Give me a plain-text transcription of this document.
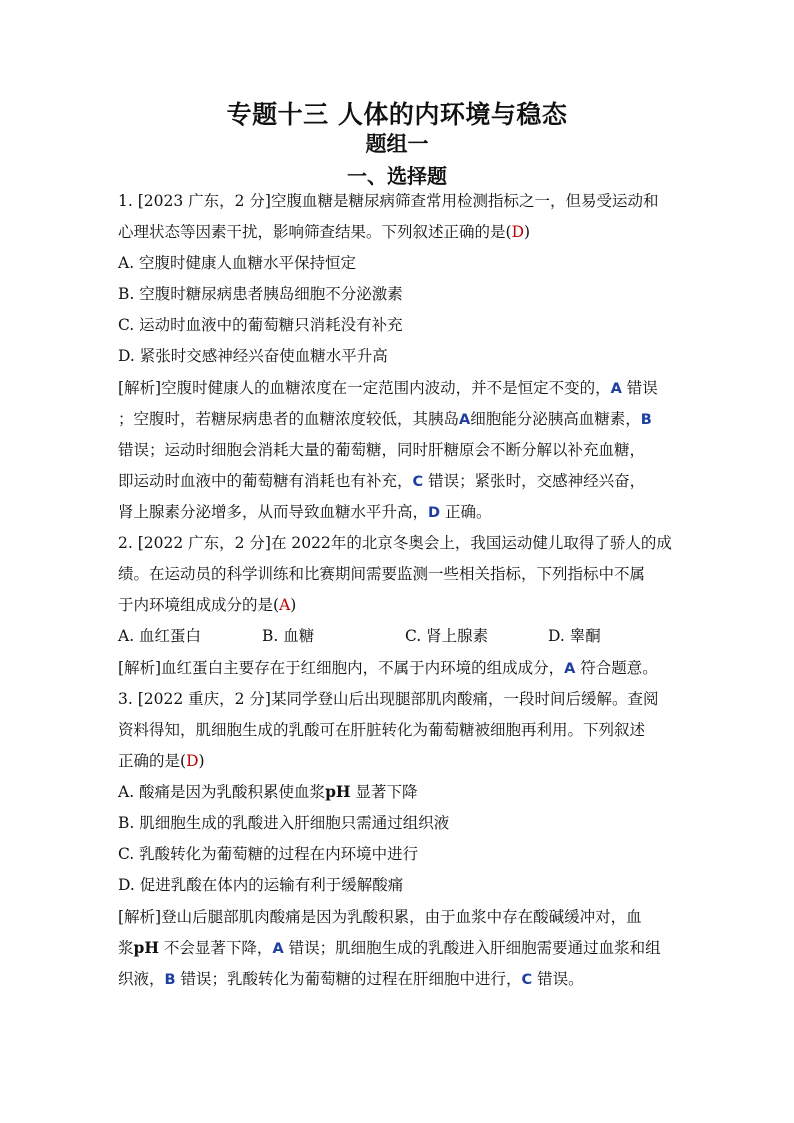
专题十三 人体的内环境与稳态
题组一
一、选择题
1. [2023 广东，2 分]空腹血糖是糖尿病筛查常用检测指标之一，但易受运动和
心理状态等因素干扰，影响筛查结果。下列叙述正确的是(D)
A. 空腹时健康人血糖水平保持恒定
B. 空腹时糖尿病患者胰岛细胞不分泌激素
C. 运动时血液中的葡萄糖只消耗没有补充
D. 紧张时交感神经兴奋使血糖水平升高
[解析]空腹时健康人的血糖浓度在一定范围内波动，并不是恒定不变的，A 错误
；空腹时，若糖尿病患者的血糖浓度较低，其胰岛A细胞能分泌胰高血糖素，B
错误；运动时细胞会消耗大量的葡萄糖，同时肝糖原会不断分解以补充血糖，
即运动时血液中的葡萄糖有消耗也有补充，C 错误；紧张时，交感神经兴奋，
肾上腺素分泌增多，从而导致血糖水平升高，D 正确。
2. [2022 广东，2 分]在 2022年的北京冬奥会上，我国运动健儿取得了骄人的成
绩。在运动员的科学训练和比赛期间需要监测一些相关指标，下列指标中不属
于内环境组成成分的是(A)
A. 血红蛋白	B. 血糖	C. 肾上腺素	D. 睾酮
[解析]血红蛋白主要存在于红细胞内，不属于内环境的组成成分，A 符合题意。
3. [2022 重庆，2 分]某同学登山后出现腿部肌肉酸痛，一段时间后缓解。查阅
资料得知，肌细胞生成的乳酸可在肝脏转化为葡萄糖被细胞再利用。下列叙述
正确的是(D)
A. 酸痛是因为乳酸积累使血浆pH 显著下降
B. 肌细胞生成的乳酸进入肝细胞只需通过组织液
C. 乳酸转化为葡萄糖的过程在内环境中进行
D. 促进乳酸在体内的运输有利于缓解酸痛
[解析]登山后腿部肌肉酸痛是因为乳酸积累，由于血浆中存在酸碱缓冲对，血
浆pH 不会显著下降，A 错误；肌细胞生成的乳酸进入肝细胞需要通过血浆和组
织液，B 错误；乳酸转化为葡萄糖的过程在肝细胞中进行，C 错误。
